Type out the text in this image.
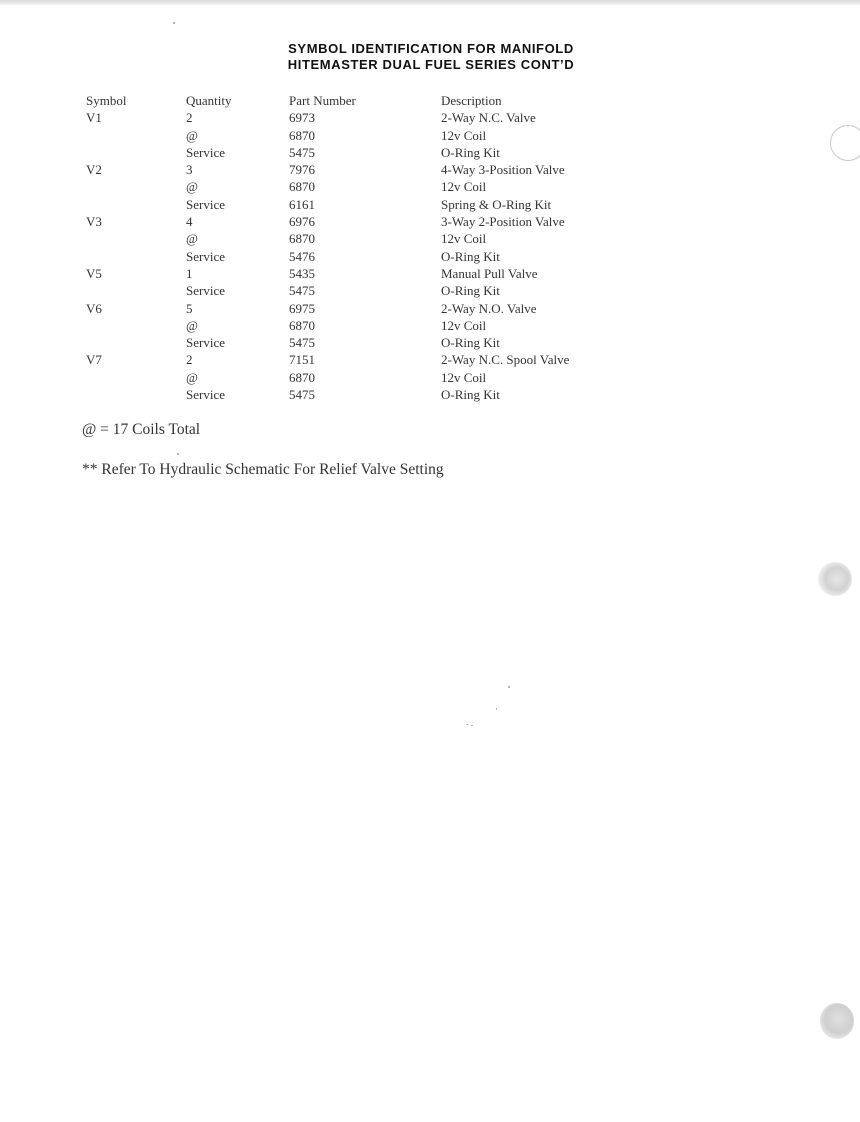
SYMBOL IDENTIFICATION FOR MANIFOLD
HITEMASTER DUAL FUEL SERIES CONT’D
Symbol	Quantity	Part Number	Description
V1	2	6973	2-Way N.C. Valve
	@	6870	12v Coil
	Service	5475	O-Ring Kit
V2	3	7976	4-Way 3-Position Valve
	@	6870	12v Coil
	Service	6161	Spring & O-Ring Kit
V3	4	6976	3-Way 2-Position Valve
	@	6870	12v Coil
	Service	5476	O-Ring Kit
V5	1	5435	Manual Pull Valve
	Service	5475	O-Ring Kit
V6	5	6975	2-Way N.O. Valve
	@	6870	12v Coil
	Service	5475	O-Ring Kit
V7	2	7151	2-Way N.C. Spool Valve
	@	6870	12v Coil
	Service	5475	O-Ring Kit
@ = 17 Coils Total
** Refer To Hydraulic Schematic For Relief Valve Setting
